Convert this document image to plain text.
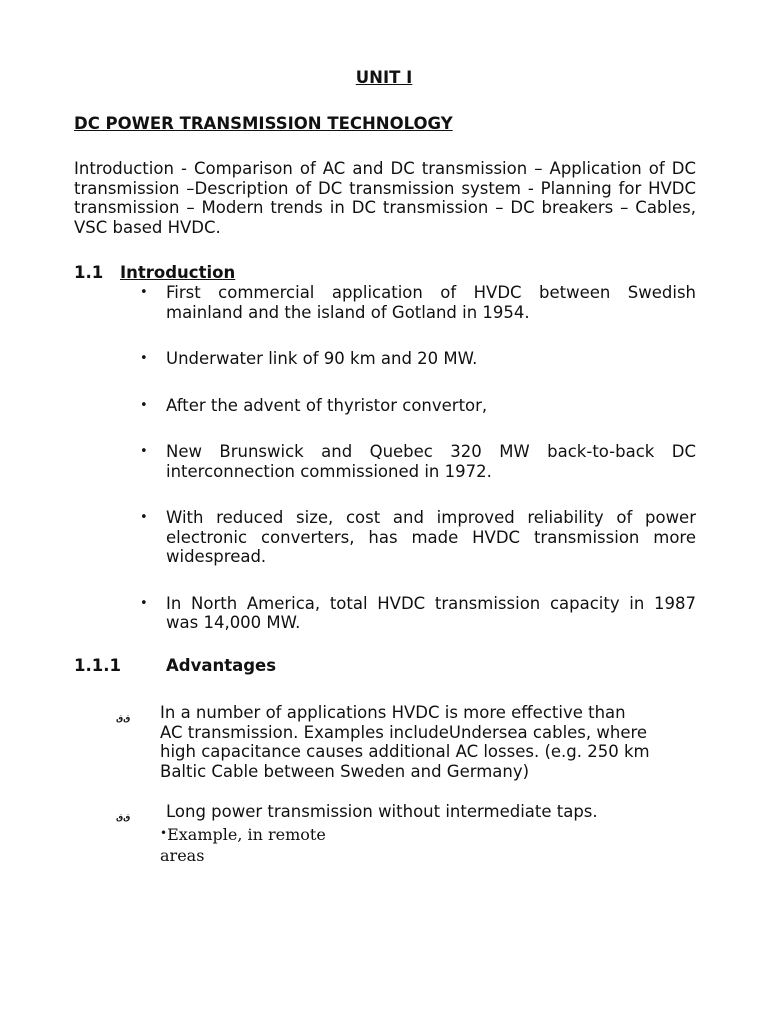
UNIT I
DC POWER TRANSMISSION TECHNOLOGY
Introduction - Comparison of AC and DC transmission – Application of DC transmission –Description of DC transmission system - Planning for HVDC transmission – Modern trends in DC transmission – DC breakers – Cables, VSC based HVDC.
1.1 Introduction
• First commercial application of HVDC between Swedish mainland and the island of Gotland in 1954.
• Underwater link of 90 km and 20 MW.
• After the advent of thyristor convertor,
• New Brunswick and Quebec 320 MW back-to-back DC interconnection commissioned in 1972.
• With reduced size, cost and improved reliability of power electronic converters, has made HVDC transmission more widespread.
• In North America, total HVDC transmission capacity in 1987 was 14,000 MW.
1.1.1	Advantages
ﻕﻕ In a number of applications HVDC is more effective than AC transmission. Examples includeUndersea cables, where high capacitance causes additional AC losses. (e.g. 250 km Baltic Cable between Sweden and Germany)
ﻕﻕ Long power transmission without intermediate taps.
•Example, in remote areas
